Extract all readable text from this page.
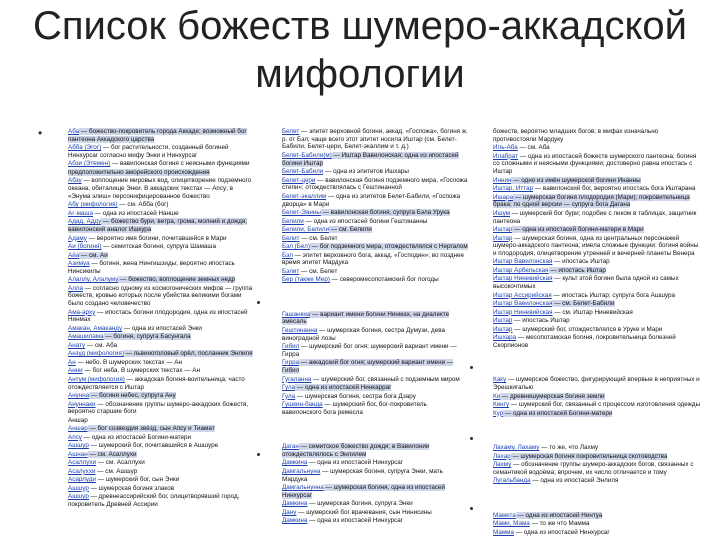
Список божеств шумеро-аккадской
мифологии
•	Аба — божество-покровитель города Аккаде; возможный бог пантеона Аккадского царства
Абба (Эгог) — бог растительности, созданный богиней Нинхурсаг согласно мифу Энки и Нинхурсаг
Абзи (Этемен) — вавилонская богиня с неясными функциями
предположительно аморейского происхождения
Абзу — воплощение мировых вод, олицетворение подземного океана, обиталище Энки. В аккадских текстах — Апсу; в «Энума элиш» персонифицированное божество
Абу (мифология) — см. Абба (бог)
Аг-маша — одна из ипостасей Нанше
Адад, Адду — божество бури, ветра, грома, молний и дождя; вавилонский аналог Ишкура
Адаму — вероятно имя богини, почитавшейся в Мари
Аи (богиня) — семитская богиня, супруга Шамаша
Айа — см. Аи
Азимуа — богиня, жена Нингишзиды; вероятно ипостась Нинсикилы
Алаллу, Алалуму — божество, воплощение земных недр
Алла — согласно одному из космогонических мифов — группа божеств, кровью которых после убийства великими богами было создано человечество
Ама-арху — ипостась богини плодородия, одна из ипостасей Нинмах
Амакан, Амаканду — одна из ипостасей Энки
Амашилама — богиня, супруга Басунгала
Анату — см. Аба
Анзуд (мифология) — львиноголовый орёл, посланник Энлиля
Ан — небо. В шумерских текстах — Ан
Анни — бог неба. В шумерских текстах — Ан
Антум (мифология) — аккадская богиня-воительница; часто отождествляется с Иштар
Анунна — богиня небес, супруга Ану
Ануннаки — обозначение группы шумеро-аккадских божеств, вероятно старшие боги
Аншар
Аншар — бог созвездия звёзд, сын Апсу и Тиамат
Апсу — одна из ипостасей Богини-матери
Ашшур — шумерский бог, почитавшийся в Ашшуре
Ашнан — см. Асаллухи
Асаллухи — см. Асаллухи
Асалуххи — см. Ашшур
Асарлуди — шумерский бог, сын Энки
Ашшур — шумерская богиня злаков
Ашшур — древнеассирийский бог, олицетворявший город, покровитель Древней Ассирии
Белет — эпитет верховной богини, аккад. «Госпожа», богиня ж. р. от Бэл; чаще всего этот эпитет носила Иштар (см. Белет-Бабили, Белет-цери, Белет-экаллим и т. д.)
Белет-Бабили(м) — Иштар Вавилонская; одна из ипостасей богини Иштар
Белет-Бабили — одна из эпитетов Ишхары
Белет-цери — вавилонская богиня подземного мира, «Госпожа степи»; отождествлялась с Гештинанной
Белет-экаллим — одна из эпитетов Белет-Бабили, «Госпожа дворца» в Мари
Белет-Эанны — вавилонская богиня, супруга Бэла Урука
Белили — одна из ипостасей богини Гештинанны
Белили, Белили — см. Белили
Белит — см. Белет
Бэл (Бел) — бог подземного мира, отождествлялся с Нергалом
Бэл — эпитет верховного бога, аккад. «Господин»; во позднее время эпитет Мардука
Бэлит — см. Белет
Бер (также Мер) — северомесопотамский бог погоды
Гашанкиа — вариант имени богини Нинмах, на диалекте эмесаль
Гештинанна — шумерская богиня, сестра Думузи, дева виноградной лозы
Гибил — шумерский бог огня; шумерский вариант имени — Гирра
Гирра — аккадский бог огня; шумерский вариант имени — Гибил
Гугаланна — шумерский бог, связанный с подземным миром
Гула — одна из ипостасей Нинкарраг
Гула — шумерская богиня, сестра бога Дзару
Гушкин-банда — шумерский бог, бог-покровитель вавилонского бога ремесла
Даган — семитское божество дождя; в Вавилонии отождествлялось с Энлилем
Дамкина — одна из ипостасей Нинхурсаг
Дамгальнуна — шумерская богиня, супруга Энки, мать Мардука
Дамгальнунна — шумерская богиня, одна из ипостасей Нинхурсаг
Дамкина — шумерская богиня, супруга Энки
Дану — шумерский бог врачевания, сын Нинисины
Дамкина — одна из ипостасей Нинхурсаг
божеств, вероятно младших богов; в мифах изначально противостояли Мардуку
Иль-Аба — см. Аба
Илабрат — одна из ипостасей божеств шумерского пантеона; богиня со сложными и неясными функциями; достоверно равна ипостась с Иштар
Иннин — одно из имён шумерской богини Инанны
Иштар, Иттар — вавилонский бог, вероятно ипостась бога Иштарана
Ишара — шумерская богиня плодородия (Мари); покровительница брака; по одной версии — супруга бога Даганa
Ишум — шумерский бог бури; подобие с ликом в таблицах, защитник пантеона
Иштар — одна из ипостасей богини-матери в Мари
Иштар — шумерская богиня, одна из центральных персонажей шумеро-аккадского пантеона; имела сложные функции: богиня войны и плодородия, олицетворение утренней и вечерней планеты Венера
Иштар Вавилонская — ипостась Иштар
Иштар Арбельская — ипостась Иштар
Иштар Ниневийская — культ этой богини была одной из самых высокочтимых
Иштар Ассирийская — ипостась Иштар; супруга бога Ашшура
Иштар Вавилонская — см. Белет-Бабили
Иштар Ниневийская — см. Иштар Ниневийская
Иштар — ипостась Иштар
Иштар — шумерский бог, отождествлялся в Уруке и Мари
Ишхара — месопотамская богиня, покровительница болезней Скорпионов
Каку — шумерское божество, фигурирующий впервые в неприятных и Эрешкигалью
Ки — древнешумерская богиня земли
Кингу — шумерский бог, связанный с процессом изготовления одежды
Кур — одна из ипостасей Богини-матери
Лахаму, Лахаму — то же, что Лахму
Лахар — шумерская богиня покровительница скотоводства
Лахму — обозначение группы шумеро-аккадских богов, связанных с семантикой водоёма; впрочем, их число отличается и тому
Лугальбанда — одна из ипостасей Энлиля
Мамета — одна из ипостасей Нинтуа
Мами, Мама — то же что Мамма
Мамма — одна из ипостасей Нинхурсаг
